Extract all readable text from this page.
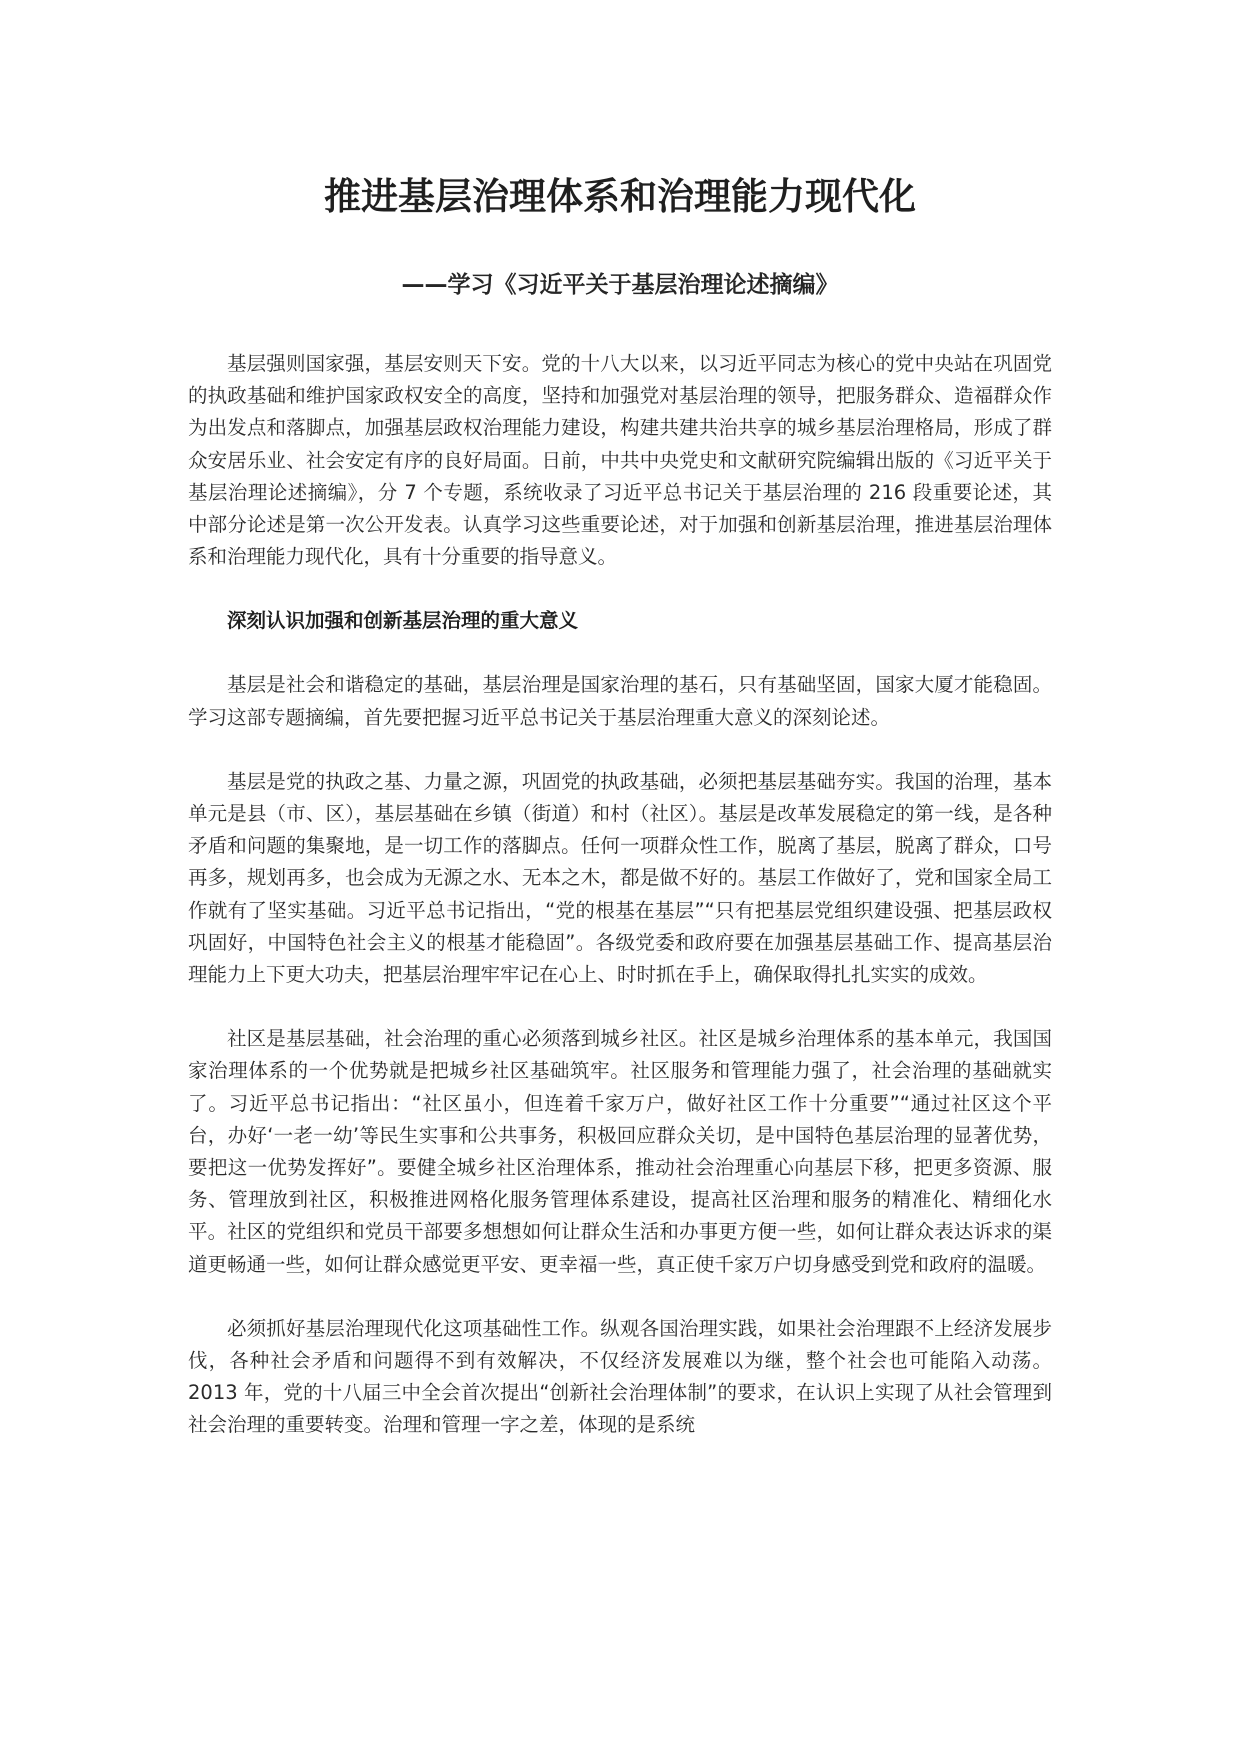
推进基层治理体系和治理能力现代化
——学习《习近平关于基层治理论述摘编》

基层强则国家强，基层安则天下安。党的十八大以来，以习近平同志为核心的党中央站在巩固党的执政基础和维护国家政权安全的高度，坚持和加强党对基层治理的领导，把服务群众、造福群众作为出发点和落脚点，加强基层政权治理能力建设，构建共建共治共享的城乡基层治理格局，形成了群众安居乐业、社会安定有序的良好局面。日前，中共中央党史和文献研究院编辑出版的《习近平关于基层治理论述摘编》，分 7 个专题，系统收录了习近平总书记关于基层治理的 216 段重要论述，其中部分论述是第一次公开发表。认真学习这些重要论述，对于加强和创新基层治理，推进基层治理体系和治理能力现代化，具有十分重要的指导意义。

深刻认识加强和创新基层治理的重大意义

基层是社会和谐稳定的基础，基层治理是国家治理的基石，只有基础坚固，国家大厦才能稳固。学习这部专题摘编，首先要把握习近平总书记关于基层治理重大意义的深刻论述。

基层是党的执政之基、力量之源，巩固党的执政基础，必须把基层基础夯实。我国的治理，基本单元是县（市、区），基层基础在乡镇（街道）和村（社区）。基层是改革发展稳定的第一线，是各种矛盾和问题的集聚地，是一切工作的落脚点。任何一项群众性工作，脱离了基层，脱离了群众，口号再多，规划再多，也会成为无源之水、无本之木，都是做不好的。基层工作做好了，党和国家全局工作就有了坚实基础。习近平总书记指出，“党的根基在基层”“只有把基层党组织建设强、把基层政权巩固好，中国特色社会主义的根基才能稳固”。各级党委和政府要在加强基层基础工作、提高基层治理能力上下更大功夫，把基层治理牢牢记在心上、时时抓在手上，确保取得扎扎实实的成效。

社区是基层基础，社会治理的重心必须落到城乡社区。社区是城乡治理体系的基本单元，我国国家治理体系的一个优势就是把城乡社区基础筑牢。社区服务和管理能力强了，社会治理的基础就实了。习近平总书记指出：“社区虽小，但连着千家万户，做好社区工作十分重要”“通过社区这个平台，办好‘一老一幼’等民生实事和公共事务，积极回应群众关切，是中国特色基层治理的显著优势，要把这一优势发挥好”。要健全城乡社区治理体系，推动社会治理重心向基层下移，把更多资源、服务、管理放到社区，积极推进网格化服务管理体系建设，提高社区治理和服务的精准化、精细化水平。社区的党组织和党员干部要多想想如何让群众生活和办事更方便一些，如何让群众表达诉求的渠道更畅通一些，如何让群众感觉更平安、更幸福一些，真正使千家万户切身感受到党和政府的温暖。

必须抓好基层治理现代化这项基础性工作。纵观各国治理实践，如果社会治理跟不上经济发展步伐，各种社会矛盾和问题得不到有效解决，不仅经济发展难以为继，整个社会也可能陷入动荡。2013 年，党的十八届三中全会首次提出“创新社会治理体制”的要求，在认识上实现了从社会管理到社会治理的重要转变。治理和管理一字之差，体现的是系统
